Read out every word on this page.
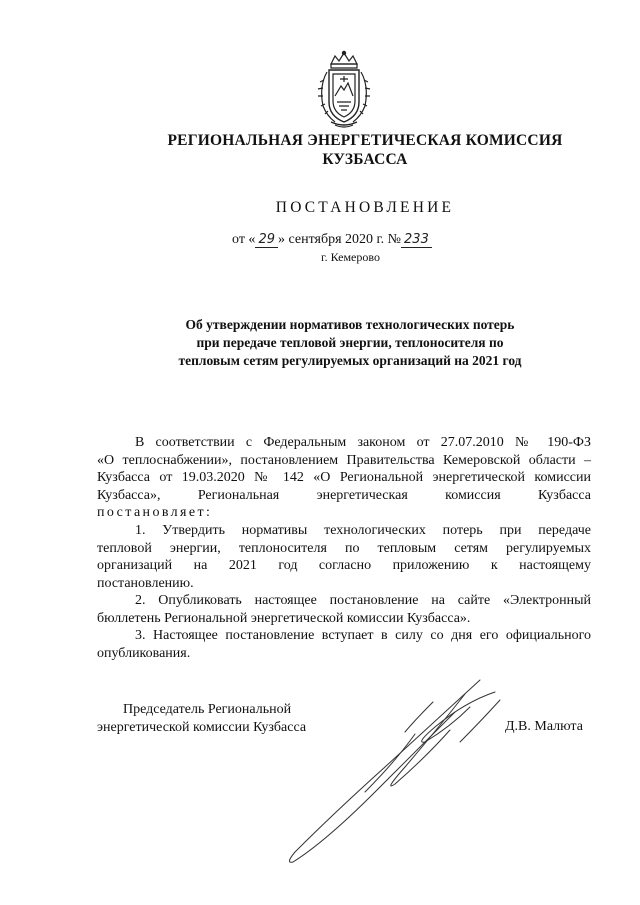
РЕГИОНАЛЬНАЯ ЭНЕРГЕТИЧЕСКАЯ КОМИССИЯ
КУЗБАССА
ПОСТАНОВЛЕНИЕ
от « 29 » сентября 2020 г. № 233
г. Кемерово
Об утверждении нормативов технологических потерь
при передаче тепловой энергии, теплоносителя по
тепловым сетям регулируемых организаций на 2021 год
В соответствии с Федеральным законом от 27.07.2010 № 190-ФЗ
«О теплоснабжении», постановлением Правительства Кемеровской области –
Кузбасса от 19.03.2020 № 142 «О Региональной энергетической комиссии
Кузбасса», Региональная энергетическая комиссия Кузбасса
постановляет:
1. Утвердить нормативы технологических потерь при передаче
тепловой энергии, теплоносителя по тепловым сетям регулируемых
организаций на 2021 год согласно приложению к настоящему
постановлению.
2. Опубликовать настоящее постановление на сайте «Электронный
бюллетень Региональной энергетической комиссии Кузбасса».
3. Настоящее постановление вступает в силу со дня его официального
опубликования.
Председатель Региональной
энергетической комиссии Кузбасса	Д.В. Малюта
